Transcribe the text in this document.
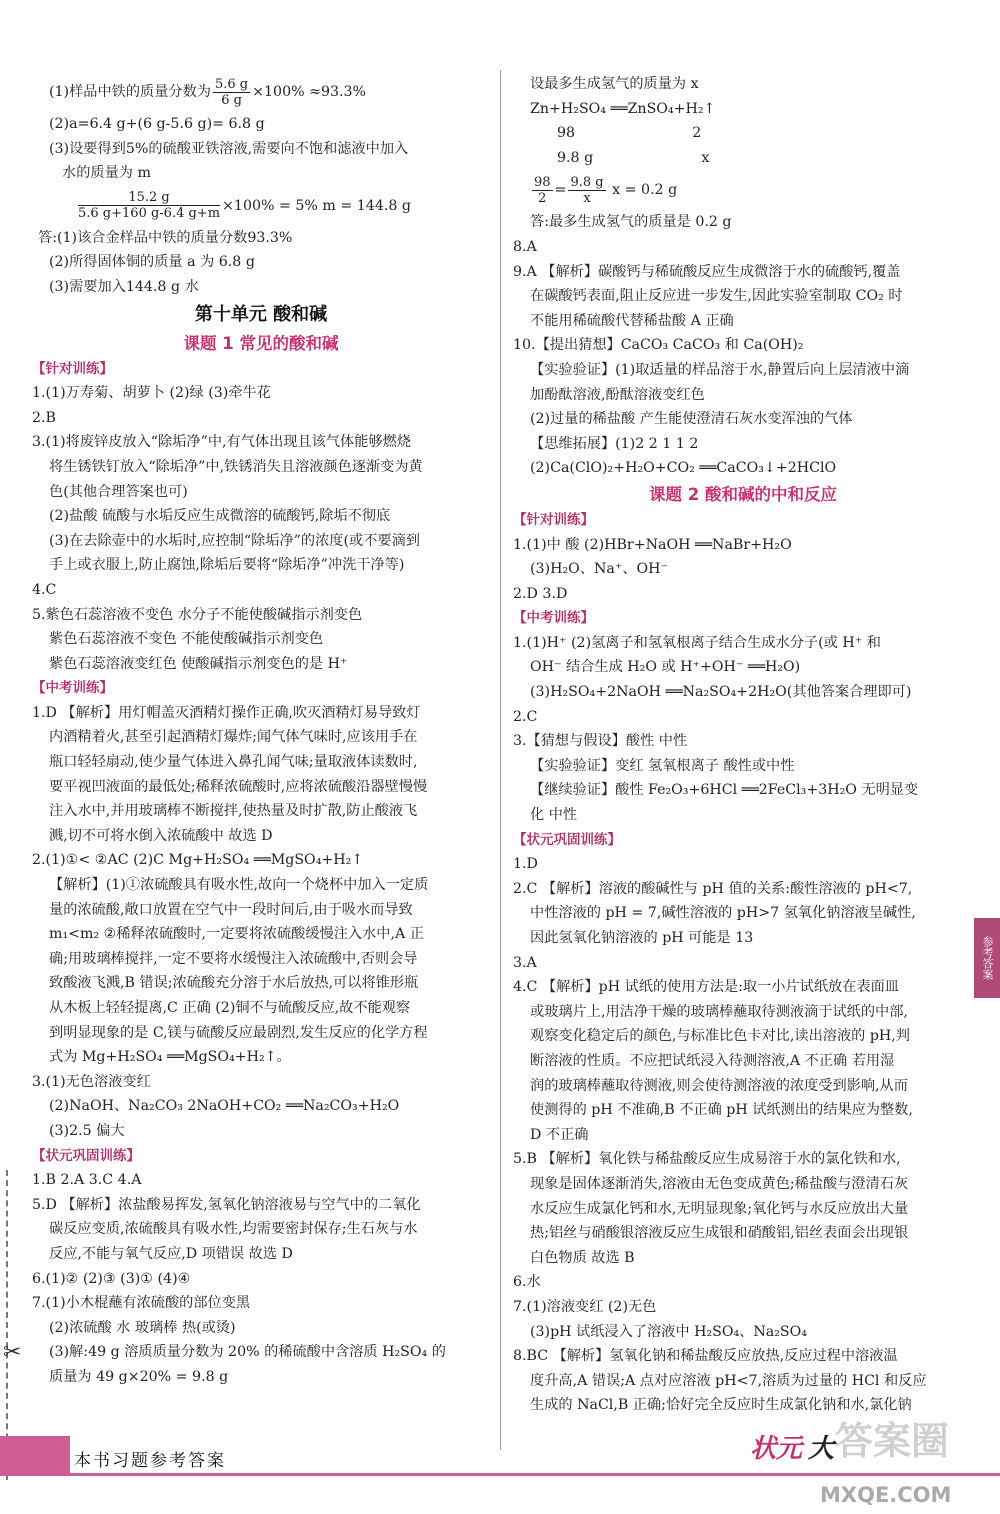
✂
(1)样品中铁的质量分数为 $\frac{5.6 g}{6 g} \times 100\% \approx 93.3\%$
(2)a=6.4 g+(6 g-5.6 g)= 6.8 g
(3)设要得到5%的硫酸亚铁溶液,需要向不饱和滤液中加入
水的质量为 m
$\frac{15.2 g}{5.6 g+160 g-6.4 g+m} \times 100\% = 5\%$ m = 144.8 g
答:(1)该合金样品中铁的质量分数93.3%
(2)所得固体铜的质量 a 为 6.8 g
(3)需要加入144.8 g 水
第十单元 酸和碱
课题 1 常见的酸和碱
【针对训练】
1.(1)万寿菊、胡萝卜 (2)绿 (3)牵牛花
2.B
3.(1)将废锌皮放入“除垢净”中,有气体出现且该气体能够燃烧
将生锈铁钉放入“除垢净”中,铁锈消失且溶液颜色逐渐变为黄
色(其他合理答案也可)
(2)盐酸 硫酸与水垢反应生成微溶的硫酸钙,除垢不彻底
(3)在去除壶中的水垢时,应控制“除垢净”的浓度(或不要滴到
手上或衣服上,防止腐蚀,除垢后要将“除垢净”冲洗干净等)
4.C
5.紫色石蕊溶液不变色 水分子不能使酸碱指示剂变色
紫色石蕊溶液不变色 不能使酸碱指示剂变色
紫色石蕊溶液变红色 使酸碱指示剂变色的是 H⁺
【中考训练】
1.D 【解析】用灯帽盖灭酒精灯操作正确,吹灭酒精灯易导致灯
内酒精着火,甚至引起酒精灯爆炸;闻气体气味时,应该用手在
瓶口轻轻扇动,使少量气体进入鼻孔闻气味;量取液体读数时,
要平视凹液面的最低处;稀释浓硫酸时,应将浓硫酸沿器壁慢慢
注入水中,并用玻璃棒不断搅拌,使热量及时扩散,防止酸液飞
溅,切不可将水倒入浓硫酸中 故选 D
2.(1)①< ②AC (2)C Mg+H₂SO₄ ══MgSO₄+H₂↑
【解析】(1)①浓硫酸具有吸水性,故向一个烧杯中加入一定质
量的浓硫酸,敞口放置在空气中一段时间后,由于吸水而导致
m₁<m₂ ②稀释浓硫酸时,一定要将浓硫酸缓慢注入水中,A 正
确;用玻璃棒搅拌,一定不要将水缓慢注入浓硫酸中,否则会导
致酸液飞溅,B 错误;浓硫酸充分溶于水后放热,可以将锥形瓶
从木板上轻轻提离,C 正确 (2)铜不与硫酸反应,故不能观察
到明显现象的是 C,镁与硫酸反应最剧烈,发生反应的化学方程
式为 Mg+H₂SO₄ ══MgSO₄+H₂↑。
3.(1)无色溶液变红
(2)NaOH、Na₂CO₃ 2NaOH+CO₂ ══Na₂CO₃+H₂O
(3)2.5 偏大
【状元巩固训练】
1.B 2.A 3.C 4.A
5.D 【解析】浓盐酸易挥发,氢氧化钠溶液易与空气中的二氧化
碳反应变质,浓硫酸具有吸水性,均需要密封保存;生石灰与水
反应,不能与氧气反应,D 项错误 故选 D
6.(1)② (2)③ (3)① (4)④
7.(1)小木棍蘸有浓硫酸的部位变黑
(2)浓硫酸 水 玻璃棒 热(或烫)
(3)解:49 g 溶质质量分数为 20% 的稀硫酸中含溶质 H₂SO₄ 的
质量为 49 g×20% = 9.8 g
设最多生成氢气的质量为 x
Zn+H₂SO₄ ══ZnSO₄+H₂↑
98                          2
9.8 g                        x
$\frac{98}{2} = \frac{9.8 g}{x}$ x = 0.2 g
答:最多生成氢气的质量是 0.2 g
8.A
9.A 【解析】碳酸钙与稀硫酸反应生成微溶于水的硫酸钙,覆盖
在碳酸钙表面,阻止反应进一步发生,因此实验室制取 CO₂ 时
不能用稀硫酸代替稀盐酸 A 正确
10.【提出猜想】CaCO₃ CaCO₃ 和 Ca(OH)₂
【实验验证】(1)取适量的样品溶于水,静置后向上层清液中滴
加酚酞溶液,酚酞溶液变红色
(2)过量的稀盐酸 产生能使澄清石灰水变浑浊的气体
【思维拓展】(1)2 2 1 1 2
(2)Ca(ClO)₂+H₂O+CO₂ ══CaCO₃↓+2HClO
课题 2 酸和碱的中和反应
【针对训练】
1.(1)中 酸 (2)HBr+NaOH ══NaBr+H₂O
(3)H₂O、Na⁺、OH⁻
2.D 3.D
【中考训练】
1.(1)H⁺ (2)氢离子和氢氧根离子结合生成水分子(或 H⁺ 和
OH⁻ 结合生成 H₂O 或 H⁺+OH⁻ ══H₂O)
(3)H₂SO₄+2NaOH ══Na₂SO₄+2H₂O(其他答案合理即可)
2.C
3.【猜想与假设】酸性 中性
【实验验证】变红 氢氧根离子 酸性或中性
【继续验证】酸性 Fe₂O₃+6HCl ══2FeCl₃+3H₂O 无明显变
化 中性
【状元巩固训练】
1.D
2.C 【解析】溶液的酸碱性与 pH 值的关系:酸性溶液的 pH<7,
中性溶液的 pH = 7,碱性溶液的 pH>7 氢氧化钠溶液呈碱性,
因此氢氧化钠溶液的 pH 可能是 13
3.A
4.C 【解析】pH 试纸的使用方法是:取一小片试纸放在表面皿
或玻璃片上,用洁净干燥的玻璃棒蘸取待测液滴于试纸的中部,
观察变化稳定后的颜色,与标准比色卡对比,读出溶液的 pH,判
断溶液的性质。不应把试纸浸入待测溶液,A 不正确 若用湿
润的玻璃棒蘸取待测液,则会使待测溶液的浓度受到影响,从而
使测得的 pH 不准确,B 不正确 pH 试纸测出的结果应为整数,
D 不正确
5.B 【解析】氧化铁与稀盐酸反应生成易溶于水的氯化铁和水,
现象是固体逐渐消失,溶液由无色变成黄色;稀盐酸与澄清石灰
水反应生成氯化钙和水,无明显现象;氧化钙与水反应放出大量
热;铝丝与硝酸银溶液反应生成银和硝酸铝,铝丝表面会出现银
白色物质 故选 B
6.水
7.(1)溶液变红 (2)无色
(3)pH 试纸浸入了溶液中 H₂SO₄、Na₂SO₄
8.BC 【解析】氢氧化钠和稀盐酸反应放热,反应过程中溶液温
度升高,A 错误;A 点对应溶液 pH<7,溶质为过量的 HCl 和反应
生成的 NaCl,B 正确;恰好完全反应时生成氯化钠和水,氯化钠
参考答案
本书习题参考答案	状元 大 答案圈
MXQE.COM
